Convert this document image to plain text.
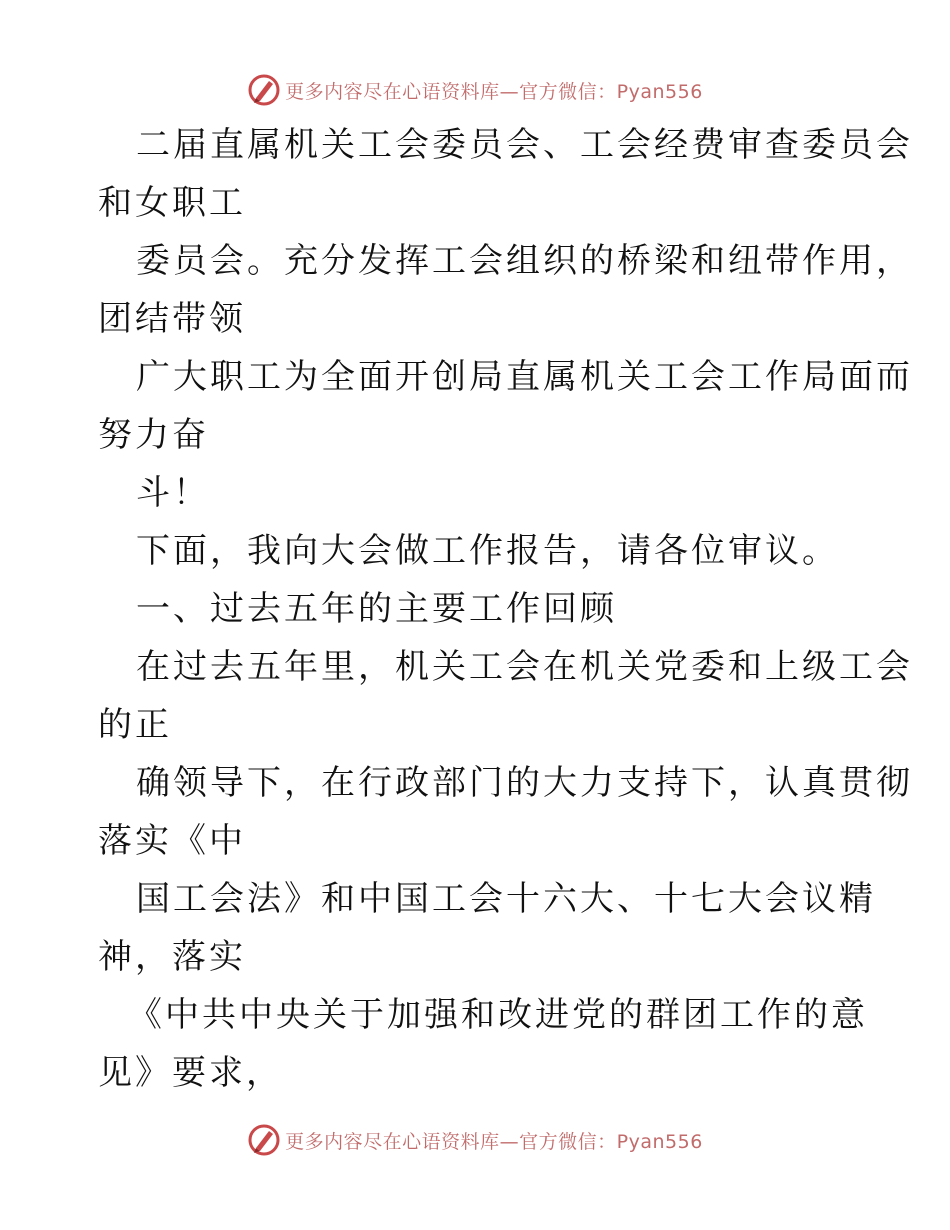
更多内容尽在心语资料库—官方微信：Pyan556
二届直属机关工会委员会、工会经费审查委员会
和女职工
委员会。充分发挥工会组织的桥梁和纽带作用，
团结带领
广大职工为全面开创局直属机关工会工作局面而
努力奋
斗！
下面，我向大会做工作报告，请各位审议。
一、过去五年的主要工作回顾
在过去五年里，机关工会在机关党委和上级工会
的正
确领导下，在行政部门的大力支持下，认真贯彻
落实《中
国工会法》和中国工会十六大、十七大会议精
神，落实
《中共中央关于加强和改进党的群团工作的意
见》要求，
更多内容尽在心语资料库—官方微信：Pyan556
